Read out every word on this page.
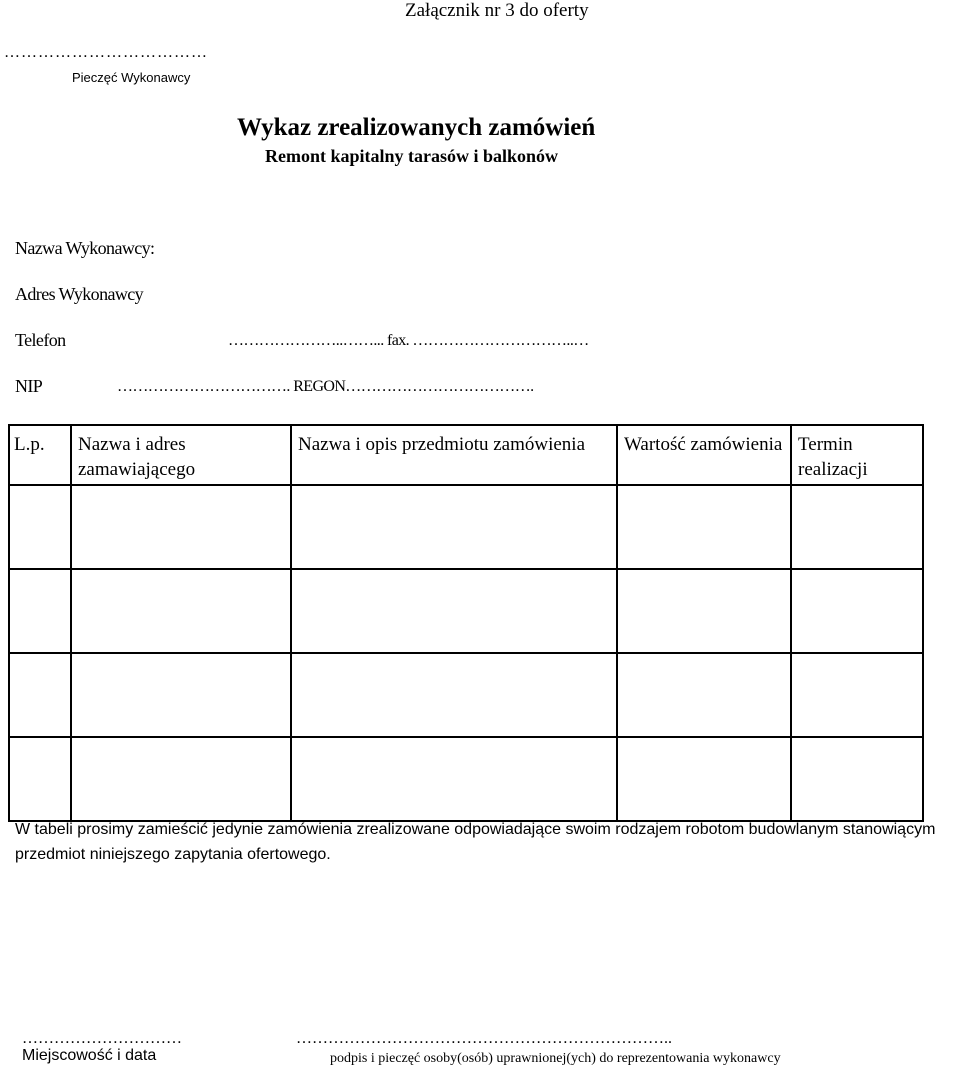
Załącznik nr 3 do oferty
………………………………
Pieczęć Wykonawcy
Wykaz zrealizowanych zamówień
Remont kapitalny tarasów i balkonów
Nazwa Wykonawcy:
Adres Wykonawcy
Telefon	…………………..……... fax. …………………………..…
NIP	……………………………. REGON……………………………….
L.p.	Nazwa i adres zamawiającego	Nazwa i opis przedmiotu zamówienia	Wartość zamówienia	Termin realizacji

W tabeli prosimy zamieścić jedynie zamówienia zrealizowane odpowiadające swoim rodzajem robotom budowlanym stanowiącym przedmiot niniejszego zapytania ofertowego.
…………………………
Miejscowość i data
……………………………………………………………..
podpis i pieczęć osoby(osób) uprawnionej(ych) do reprezentowania wykonawcy
